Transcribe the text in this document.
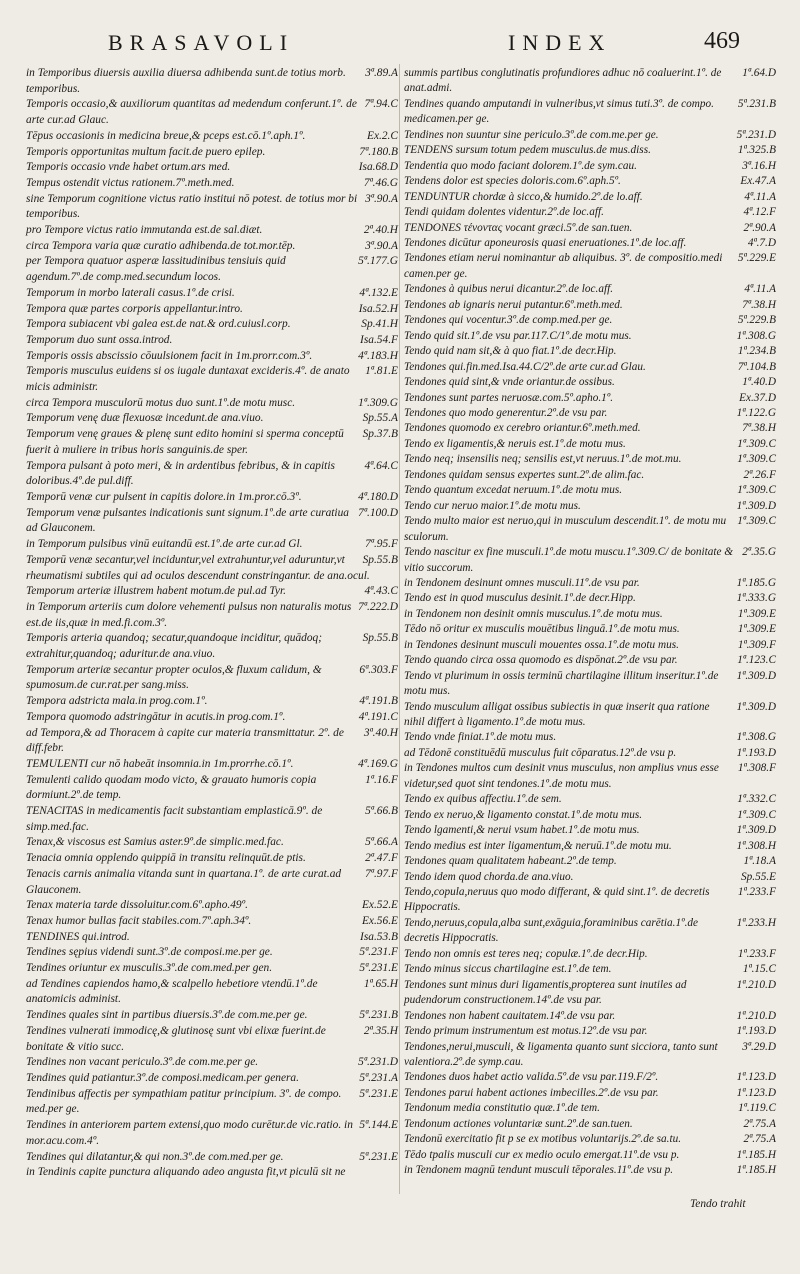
BRASAVOLI	INDEX	469
3ª.89.A
in Temporibus diuersis auxilia diuersa adhibenda sunt.de totius morb. temporibus.
7ª.94.C
Temporis occasio,& auxiliorum quantitas ad medendum conferunt.1º. de arte cur.ad Glauc.
Ex.2.C
Tēpus occasionis in medicina breue,& pceps est.cō.1º.aph.1º.
7ª.180.B
Temporis opportunitas multum facit.de puero epilep.
Isa.68.D
Temporis occasio vnde habet ortum.ars med.
7ª.46.G
Tempus ostendit victus rationem.7º.meth.med.
3ª.90.A
sine Temporum cognitione victus ratio institui nō potest. de totius mor bi temporibus.
2ª.40.H
pro Tempore victus ratio immutanda est.de sal.diæt.
3ª.90.A
circa Tempora varia quæ curatio adhibenda.de tot.mor.tēp.
5ª.177.G
per Tempora quatuor asperæ lassitudinibus tensiuis quid agendum.7º.de comp.med.secundum locos.
4ª.132.E
Temporum in morbo laterali casus.1º.de crisi.
Isa.52.H
Tempora quæ partes corporis appellantur.intro.
Sp.41.H
Tempora subiacent vbi galea est.de nat.& ord.cuiusl.corp.
Isa.54.F
Temporum duo sunt ossa.introd.
4ª.183.H
Temporis ossis abscissio cōuulsionem facit in 1m.prorr.com.3º.
1ª.81.E
Temporis musculus euidens si os iugale duntaxat excideris.4º. de anato micis administr.
1ª.309.G
circa Tempora musculorū motus duo sunt.1º.de motu musc.
Sp.55.A
Temporum venę duæ flexuosæ incedunt.de ana.viuo.
Sp.37.B
Temporum venę graues & plenę sunt edito homini si sperma conceptū fuerit à muliere in tribus horis sanguinis.de sper.
4ª.64.C
Tempora pulsant à poto meri, & in ardentibus febribus, & in capitis doloribus.4º.de pul.diff.
4ª.180.D
Temporū venæ cur pulsent in capitis dolore.in 1m.pror.cō.3º.
7ª.100.D
Temporum venæ pulsantes indicationis sunt signum.1º.de arte curatiua ad Glauconem.
7ª.95.F
in Temporum pulsibus vinū euitandū est.1º.de arte cur.ad Gl.
Sp.55.B
Temporū venæ secantur,vel inciduntur,vel extrahuntur,vel aduruntur,vt rheumatismi subtiles qui ad oculos descendunt constringantur. de ana.ocul.
4ª.43.C
Temporum arteriæ illustrem habent motum.de pul.ad Tyr.
7ª.222.D
in Temporum arteriis cum dolore vehementi pulsus non naturalis motus est.de iis,quæ in med.fi.com.3º.
Sp.55.B
Temporis arteria quandoq; secatur,quandoque inciditur, quādoq; extrahitur,quandoq; aduritur.de ana.viuo.
6ª.303.F
Temporum arteriæ secantur propter oculos,& fluxum calidum, & spumosum.de cur.rat.per sang.miss.
4ª.191.B
Tempora adstricta mala.in prog.com.1º.
4ª.191.C
Tempora quomodo adstringātur in acutis.in prog.com.1º.
3ª.40.H
ad Tempora,& ad Thoracem à capite cur materia transmittatur. 2º. de diff.febr.
4ª.169.G
TEMULENTI cur nō habeāt insomnia.in 1m.prorrhe.cō.1º.
1ª.16.F
Temulenti calido quodam modo victo, & grauato humoris copia dormiunt.2º.de temp.
5ª.66.B
TENACITAS in medicamentis facit substantiam emplasticā.9º. de simp.med.fac.
5ª.66.A
Tenax,& viscosus est Samius aster.9º.de simplic.med.fac.
2ª.47.F
Tenacia omnia opplendo quippiā in transitu relinquūt.de ptis.
7ª.97.F
Tenacis carnis animalia vitanda sunt in quartana.1º. de arte curat.ad Glauconem.
Ex.52.E
Tenax materia tarde dissoluitur.com.6º.apho.49º.
Ex.56.E
Tenax humor bullas facit stabiles.com.7º.aph.34º.
Isa.53.B
TENDINES qui.introd.
5ª.231.F
Tendines sępius videndi sunt.3º.de composi.me.per ge.
5ª.231.E
Tendines oriuntur ex musculis.3º.de com.med.per gen.
1ª.65.H
ad Tendines capiendos hamo,& scalpello hebetiore vtendū.1º.de anatomicis administ.
5ª.231.B
Tendines quales sint in partibus diuersis.3º.de com.me.per ge.
2ª.35.H
Tendines vulnerati immodicę,& glutinosę sunt vbi elixæ fuerint.de bonitate & vitio succ.
5ª.231.D
Tendines non vacant periculo.3º.de com.me.per ge.
5ª.231.A
Tendines quid patiantur.3º.de composi.medicam.per genera.
5ª.231.E
Tendinibus affectis per sympathiam patitur principium. 3º. de compo. med.per ge.
5ª.144.E
Tendines in anteriorem partem extensi,quo modo curētur.de vic.ratio. in mor.acu.com.4º.
5ª.231.E
Tendines qui dilatantur,& qui non.3º.de com.med.per ge.
in Tendinis capite punctura aliquando adeo angusta fit,vt piculū sit ne
1ª.64.D
summis partibus conglutinatis profundiores adhuc nō coaluerint.1º. de anat.admi.
5ª.231.B
Tendines quando amputandi in vulneribus,vt simus tuti.3º. de compo. medicamen.per ge.
5ª.231.D
Tendines non suuntur sine periculo.3º.de com.me.per ge.
1ª.325.B
TENDENS sursum totum pedem musculus.de mus.diss.
3ª.16.H
Tendentia quo modo faciant dolorem.1º.de sym.cau.
Ex.47.A
Tendens dolor est species doloris.com.6º.aph.5º.
4ª.11.A
TENDUNTUR chordæ à sicco,& humido.2º.de lo.aff.
4ª.12.F
Tendi quidam dolentes videntur.2º.de loc.aff.
2ª.90.A
TENDONES τένοντας vocant græci.5º.de san.tuen.
4ª.7.D
Tendones dicūtur aponeurosis quasi eneruationes.1º.de loc.aff.
5ª.229.E
Tendones etiam nerui nominantur ab aliquibus. 3º. de compositio.medi camen.per ge.
4ª.11.A
Tendones à quibus nerui dicantur.2º.de loc.aff.
7ª.38.H
Tendones ab ignaris nerui putantur.6º.meth.med.
5ª.229.B
Tendones qui vocentur.3º.de comp.med.per ge.
1ª.308.G
Tendo quid sit.1º.de vsu par.117.C/1º.de motu mus.
1ª.234.B
Tendo quid nam sit,& à quo fiat.1º.de decr.Hip.
7ª.104.B
Tendones qui.fin.med.Isa.44.C/2º.de arte cur.ad Glau.
1ª.40.D
Tendones quid sint,& vnde oriantur.de ossibus.
Ex.37.D
Tendones sunt partes neruosæ.com.5º.apho.1º.
1ª.122.G
Tendones quo modo generentur.2º.de vsu par.
7ª.38.H
Tendones quomodo ex cerebro oriantur.6º.meth.med.
1ª.309.C
Tendo ex ligamentis,& neruis est.1º.de motu mus.
1ª.309.C
Tendo neq; insensilis neq; sensilis est,vt neruus.1º.de mot.mu.
2ª.26.F
Tendones quidam sensus expertes sunt.2º.de alim.fac.
1ª.309.C
Tendo quantum excedat neruum.1º.de motu mus.
1ª.309.D
Tendo cur neruo maior.1º.de motu mus.
1ª.309.C
Tendo multo maior est neruo,qui in musculum descendit.1º. de motu mu sculorum.
2ª.35.G
Tendo nascitur ex fine musculi.1º.de motu muscu.1º.309.C/ de bonitate & vitio succorum.
1ª.185.G
in Tendonem desinunt omnes musculi.11º.de vsu par.
1ª.333.G
Tendo est in quod musculus desinit.1º.de decr.Hipp.
1ª.309.E
in Tendonem non desinit omnis musculus.1º.de motu mus.
1ª.309.E
Tēdo nō oritur ex musculis mouētibus linguā.1º.de motu mus.
1ª.309.F
in Tendones desinunt musculi mouentes ossa.1º.de motu mus.
1ª.123.C
Tendo quando circa ossa quomodo es dispōnat.2º.de vsu par.
1ª.309.D
Tendo vt plurimum in ossis terminū chartilagine illitum inseritur.1º.de motu mus.
1ª.309.D
Tendo musculum alligat ossibus subiectis in quæ inserit qua ratione nihil differt à ligamento.1º.de motu mus.
1ª.308.G
Tendo vnde finiat.1º.de motu mus.
1ª.193.D
ad Tēdonē constituēdū musculus fuit cōparatus.12º.de vsu p.
1ª.308.F
in Tendones multos cum desinit vnus musculus, non amplius vnus esse videtur,sed quot sint tendones.1º.de motu mus.
1ª.332.C
Tendo ex quibus affectiu.1º.de sem.
1ª.309.C
Tendo ex neruo,& ligamento constat.1º.de motu mus.
1ª.309.D
Tendo lgamenti,& nerui vsum habet.1º.de motu mus.
1ª.308.H
Tendo medius est inter ligamentum,& neruū.1º.de motu mu.
1ª.18.A
Tendones quam qualitatem habeant.2º.de temp.
Sp.55.E
Tendo idem quod chorda.de ana.viuo.
1ª.233.F
Tendo,copula,neruus quo modo differant, & quid sint.1º. de decretis Hippocratis.
1ª.233.H
Tendo,neruus,copula,alba sunt,exāguia,foraminibus carētia.1º.de decretis Hippocratis.
1ª.233.F
Tendo non omnis est teres neq; copulæ.1º.de decr.Hip.
1ª.15.C
Tendo minus siccus chartilagine est.1º.de tem.
1ª.210.D
Tendones sunt minus duri ligamentis,propterea sunt inutiles ad pudendorum constructionem.14º.de vsu par.
1ª.210.D
Tendones non habent cauitatem.14º.de vsu par.
1ª.193.D
Tendo primum instrumentum est motus.12º.de vsu par.
3ª.29.D
Tendones,nerui,musculi, & ligamenta quanto sunt sicciora, tanto sunt valentiora.2º.de symp.cau.
1ª.123.D
Tendones duos habet actio valida.5º.de vsu par.119.F/2º.
1ª.123.D
Tendones parui habent actiones imbecilles.2º.de vsu par.
1ª.119.C
Tendonum media constitutio quæ.1º.de tem.
2ª.75.A
Tendonum actiones voluntariæ sunt.2º.de san.tuen.
2ª.75.A
Tendonū exercitatio fit p se ex motibus voluntarijs.2º.de sa.tu.
1ª.185.H
Tēdo tpalis musculi cur ex medio oculo emergat.11º.de vsu p.
1ª.185.H
in Tendonem magnū tendunt musculi tēporales.11º.de vsu p.
Tendo trahit
